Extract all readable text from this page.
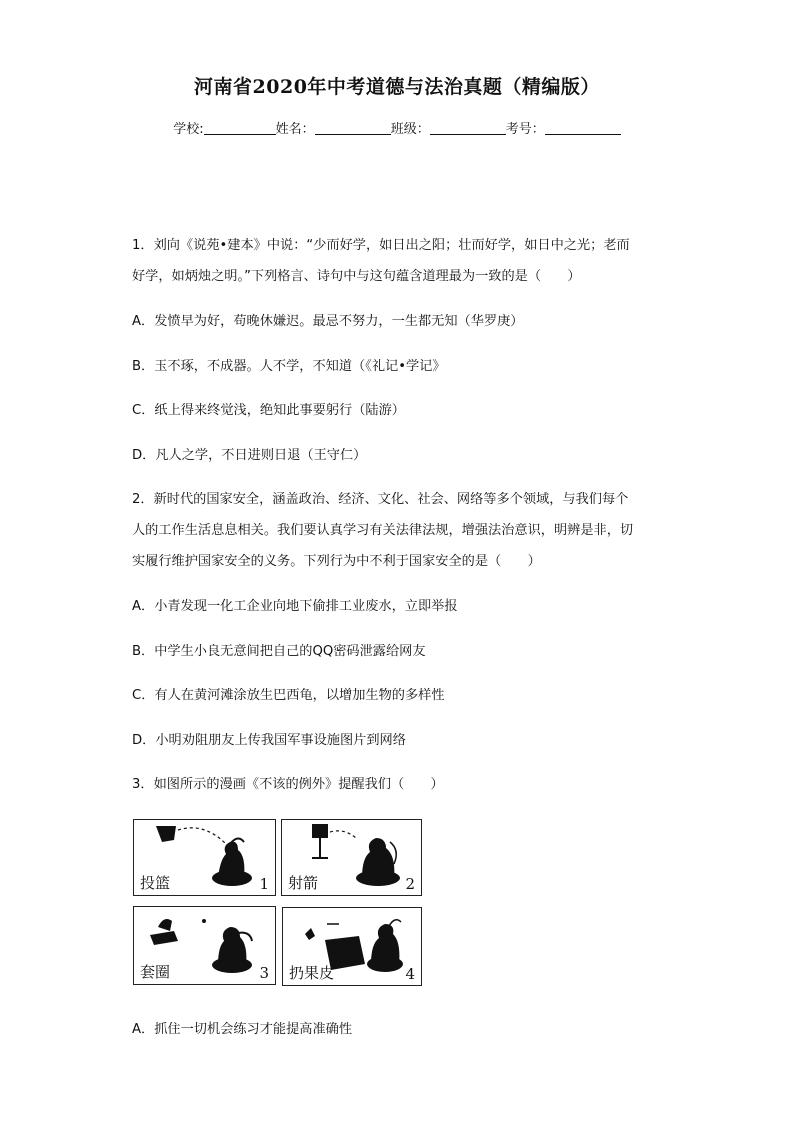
河南省2020年中考道德与法治真题（精编版）
学校:	姓名：	班级：	考号：
1．刘向《说苑•建本》中说：“少而好学，如日出之阳；壮而好学，如日中之光；老而
好学，如炳烛之明。”下列格言、诗句中与这句蕴含道理最为一致的是（　　）
A．发愤早为好，苟晚休嫌迟。最忌不努力，一生都无知（华罗庚）
B．玉不琢，不成器。人不学，不知道（《礼记•学记》
C．纸上得来终觉浅，绝知此事要躬行（陆游）
D．凡人之学，不日进则日退（王守仁）
2．新时代的国家安全，涵盖政治、经济、文化、社会、网络等多个领域，与我们每个
人的工作生活息息相关。我们要认真学习有关法律法规，增强法治意识，明辨是非，切
实履行维护国家安全的义务。下列行为中不利于国家安全的是（　　）
A．小青发现一化工企业向地下偷排工业废水，立即举报
B．中学生小良无意间把自己的QQ密码泄露给网友
C．有人在黄河滩涂放生巴西龟，以增加生物的多样性
D．小明劝阻朋友上传我国军事设施图片到网络
3．如图所示的漫画《不该的例外》提醒我们（　　）
投篮	1 射箭	2
套圈	3 扔果皮	4
A．抓住一切机会练习才能提高准确性
